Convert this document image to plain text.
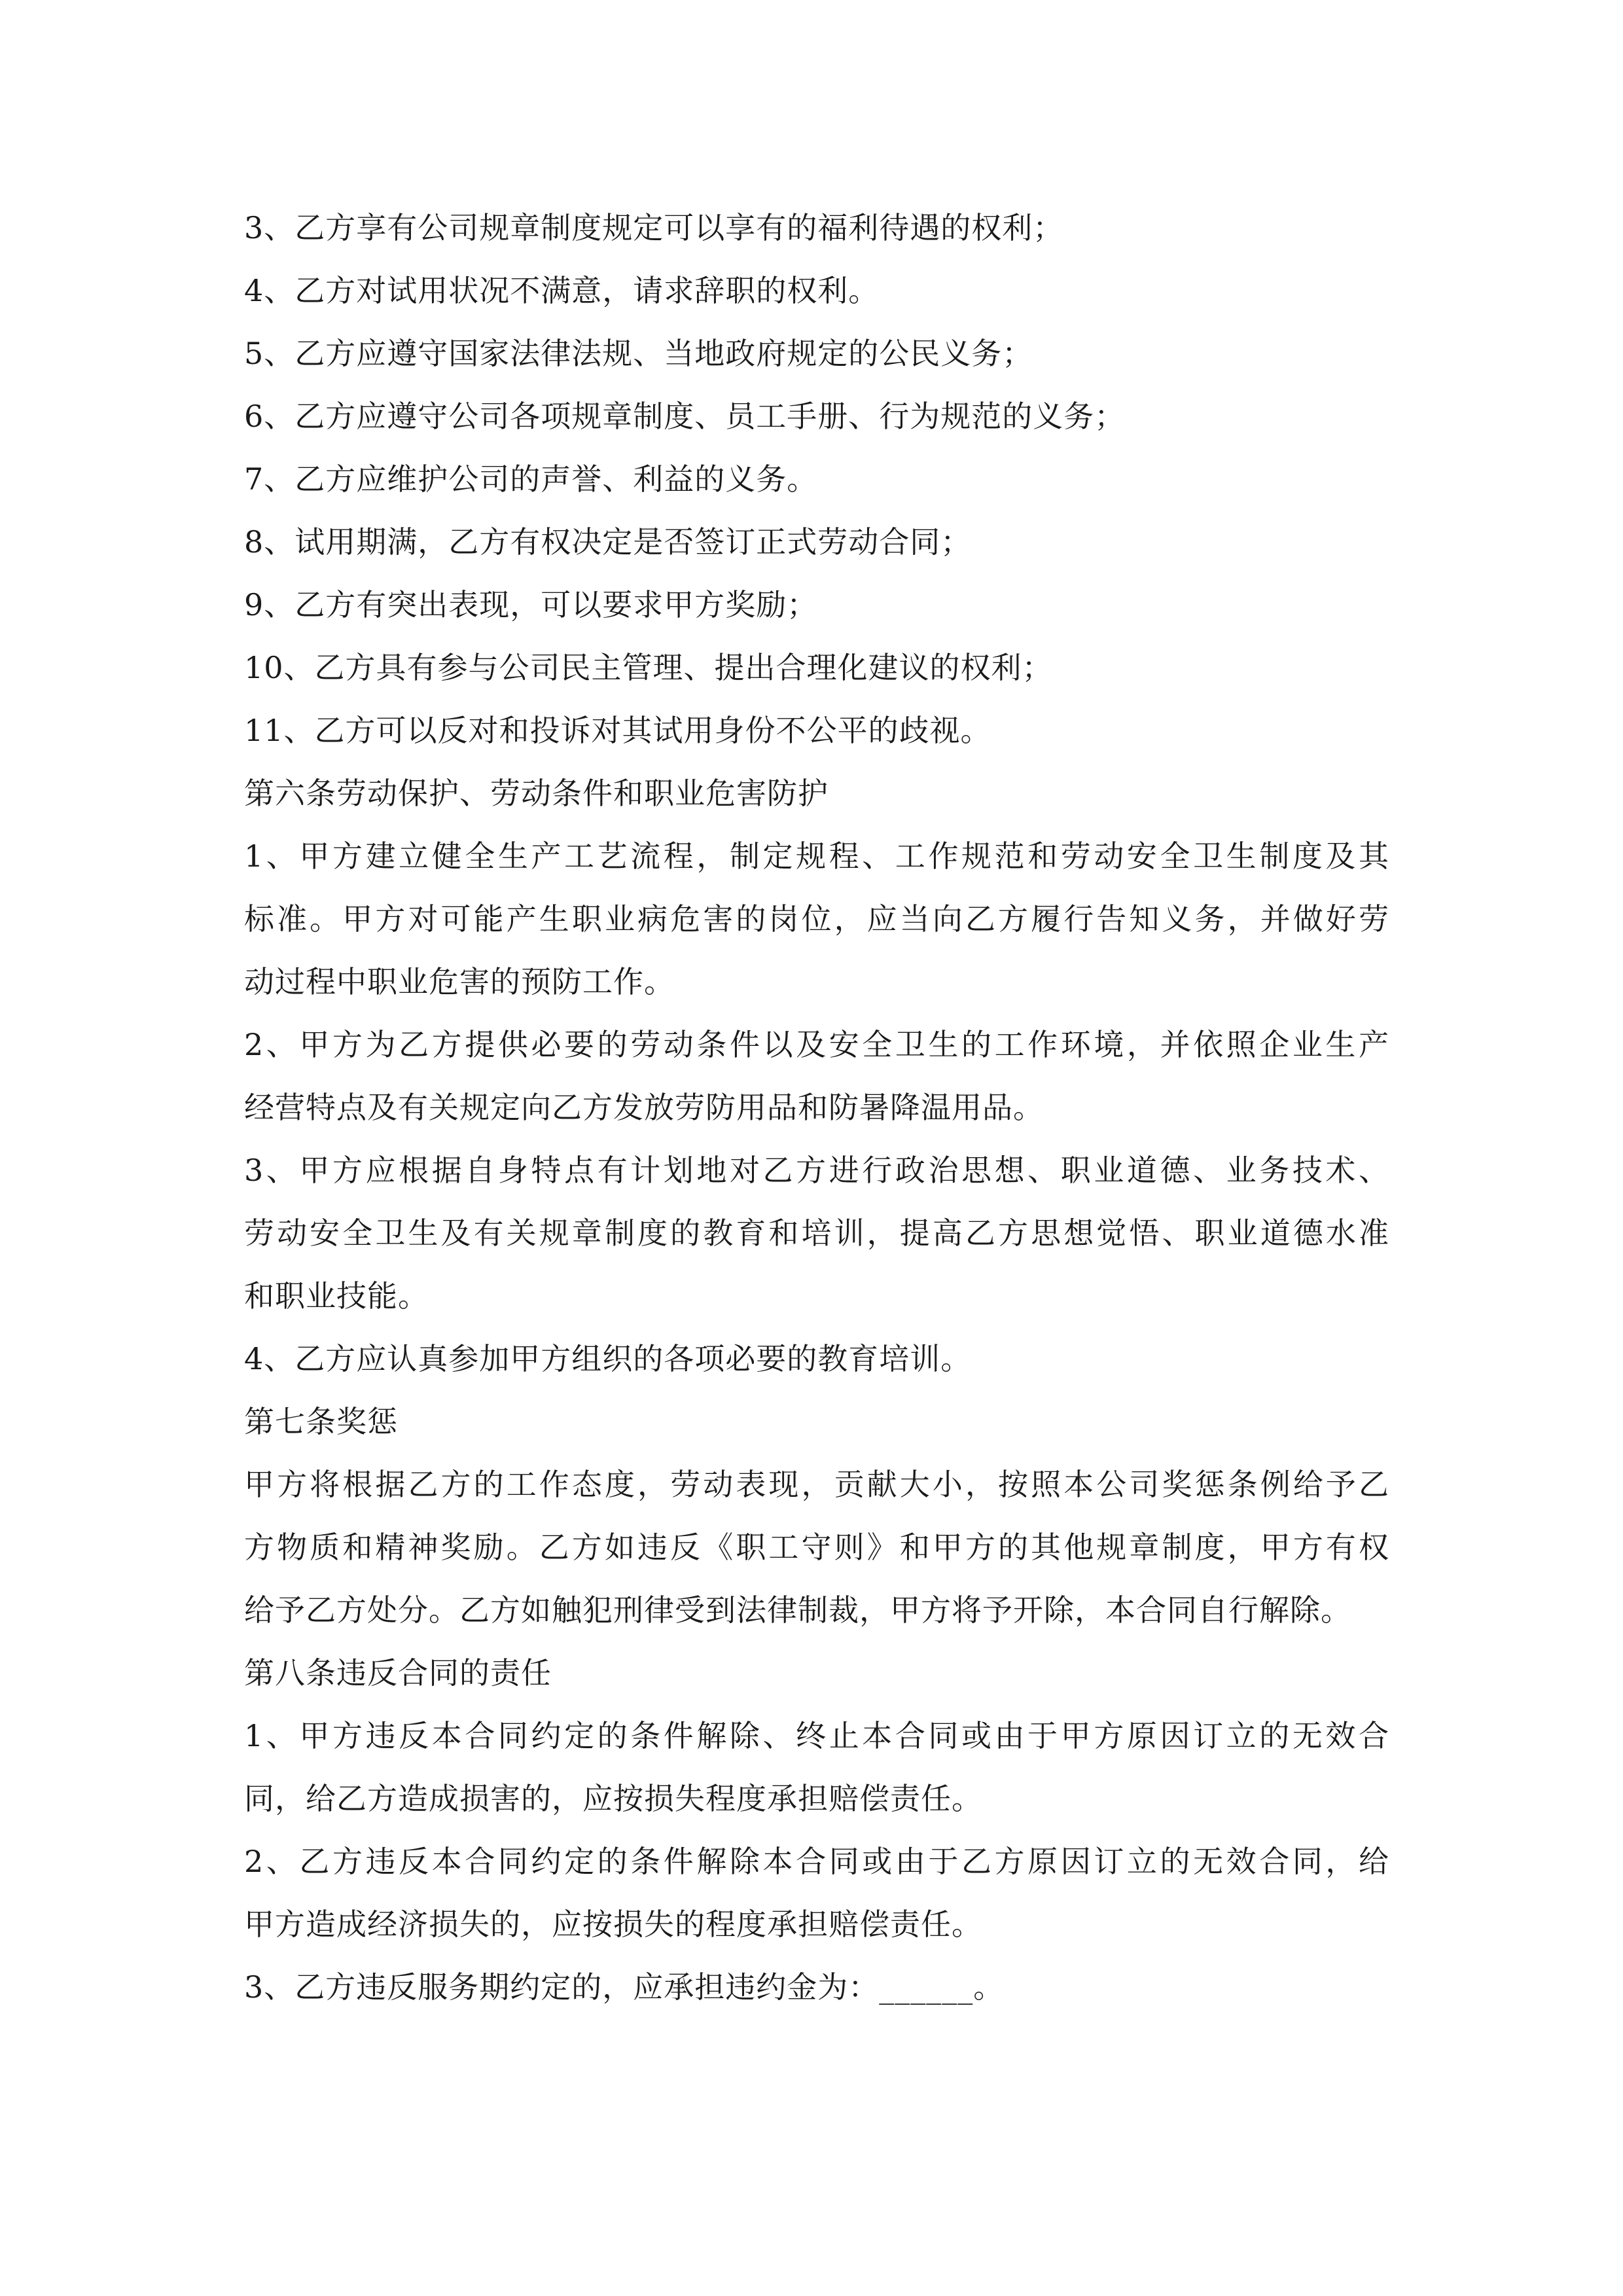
3、乙方享有公司规章制度规定可以享有的福利待遇的权利；
4、乙方对试用状况不满意，请求辞职的权利。
5、乙方应遵守国家法律法规、当地政府规定的公民义务；
6、乙方应遵守公司各项规章制度、员工手册、行为规范的义务；
7、乙方应维护公司的声誉、利益的义务。
8、试用期满，乙方有权决定是否签订正式劳动合同；
9、乙方有突出表现，可以要求甲方奖励；
10、乙方具有参与公司民主管理、提出合理化建议的权利；
11、乙方可以反对和投诉对其试用身份不公平的歧视。
第六条劳动保护、劳动条件和职业危害防护
1、甲方建立健全生产工艺流程，制定规程、工作规范和劳动安全卫生制度及其
标准。甲方对可能产生职业病危害的岗位，应当向乙方履行告知义务，并做好劳
动过程中职业危害的预防工作。
2、甲方为乙方提供必要的劳动条件以及安全卫生的工作环境，并依照企业生产
经营特点及有关规定向乙方发放劳防用品和防暑降温用品。
3、甲方应根据自身特点有计划地对乙方进行政治思想、职业道德、业务技术、
劳动安全卫生及有关规章制度的教育和培训，提高乙方思想觉悟、职业道德水准
和职业技能。
4、乙方应认真参加甲方组织的各项必要的教育培训。
第七条奖惩
甲方将根据乙方的工作态度，劳动表现，贡献大小，按照本公司奖惩条例给予乙
方物质和精神奖励。乙方如违反《职工守则》和甲方的其他规章制度，甲方有权
给予乙方处分。乙方如触犯刑律受到法律制裁，甲方将予开除，本合同自行解除。
第八条违反合同的责任
1、甲方违反本合同约定的条件解除、终止本合同或由于甲方原因订立的无效合
同，给乙方造成损害的，应按损失程度承担赔偿责任。
2、乙方违反本合同约定的条件解除本合同或由于乙方原因订立的无效合同，给
甲方造成经济损失的，应按损失的程度承担赔偿责任。
3、乙方违反服务期约定的，应承担违约金为：______。
